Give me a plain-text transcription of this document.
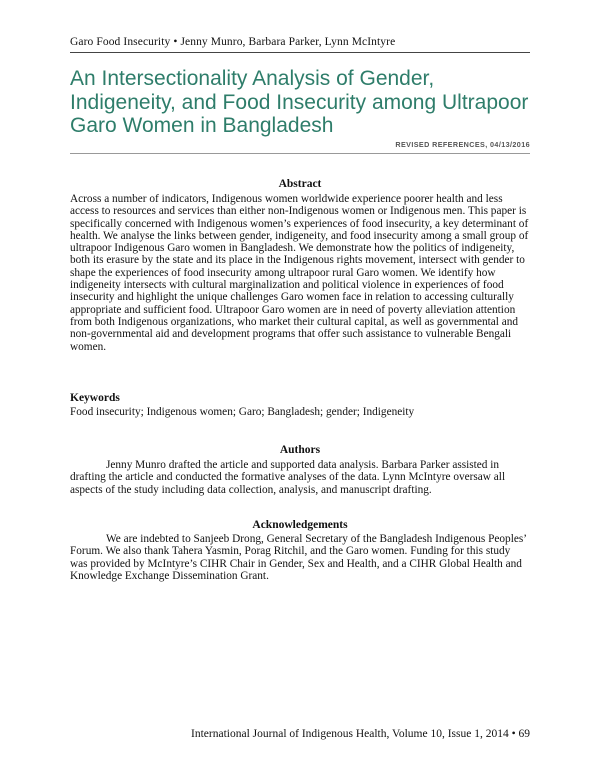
Garo Food Insecurity • Jenny Munro, Barbara Parker, Lynn McIntyre
An Intersectionality Analysis of Gender, Indigeneity, and Food Insecurity among Ultrapoor Garo Women in Bangladesh
REVISED REFERENCES, 04/13/2016
Abstract

Across a number of indicators, Indigenous women worldwide experience poorer health and less access to resources and services than either non-Indigenous women or Indigenous men. This paper is specifically concerned with Indigenous women’s experiences of food insecurity, a key determinant of health. We analyse the links between gender, indigeneity, and food insecurity among a small group of ultrapoor Indigenous Garo women in Bangladesh. We demonstrate how the politics of indigeneity, both its erasure by the state and its place in the Indigenous rights movement, intersect with gender to shape the experiences of food insecurity among ultrapoor rural Garo women. We identify how indigeneity intersects with cultural marginalization and political violence in experiences of food insecurity and highlight the unique challenges Garo women face in relation to accessing culturally appropriate and sufficient food. Ultrapoor Garo women are in need of poverty alleviation attention from both Indigenous organizations, who market their cultural capital, as well as governmental and non-governmental aid and development programs that offer such assistance to vulnerable Bengali women.

Keywords

Food insecurity; Indigenous women; Garo; Bangladesh; gender; Indigeneity

Authors

Jenny Munro drafted the article and supported data analysis. Barbara Parker assisted in drafting the article and conducted the formative analyses of the data. Lynn McIntyre oversaw all aspects of the study including data collection, analysis, and manuscript drafting.

Acknowledgements

We are indebted to Sanjeeb Drong, General Secretary of the Bangladesh Indigenous Peoples’ Forum. We also thank Tahera Yasmin, Porag Ritchil, and the Garo women. Funding for this study was provided by McIntyre’s CIHR Chair in Gender, Sex and Health, and a CIHR Global Health and Knowledge Exchange Dissemination Grant.

International Journal of Indigenous Health, Volume 10, Issue 1, 2014 • 69
